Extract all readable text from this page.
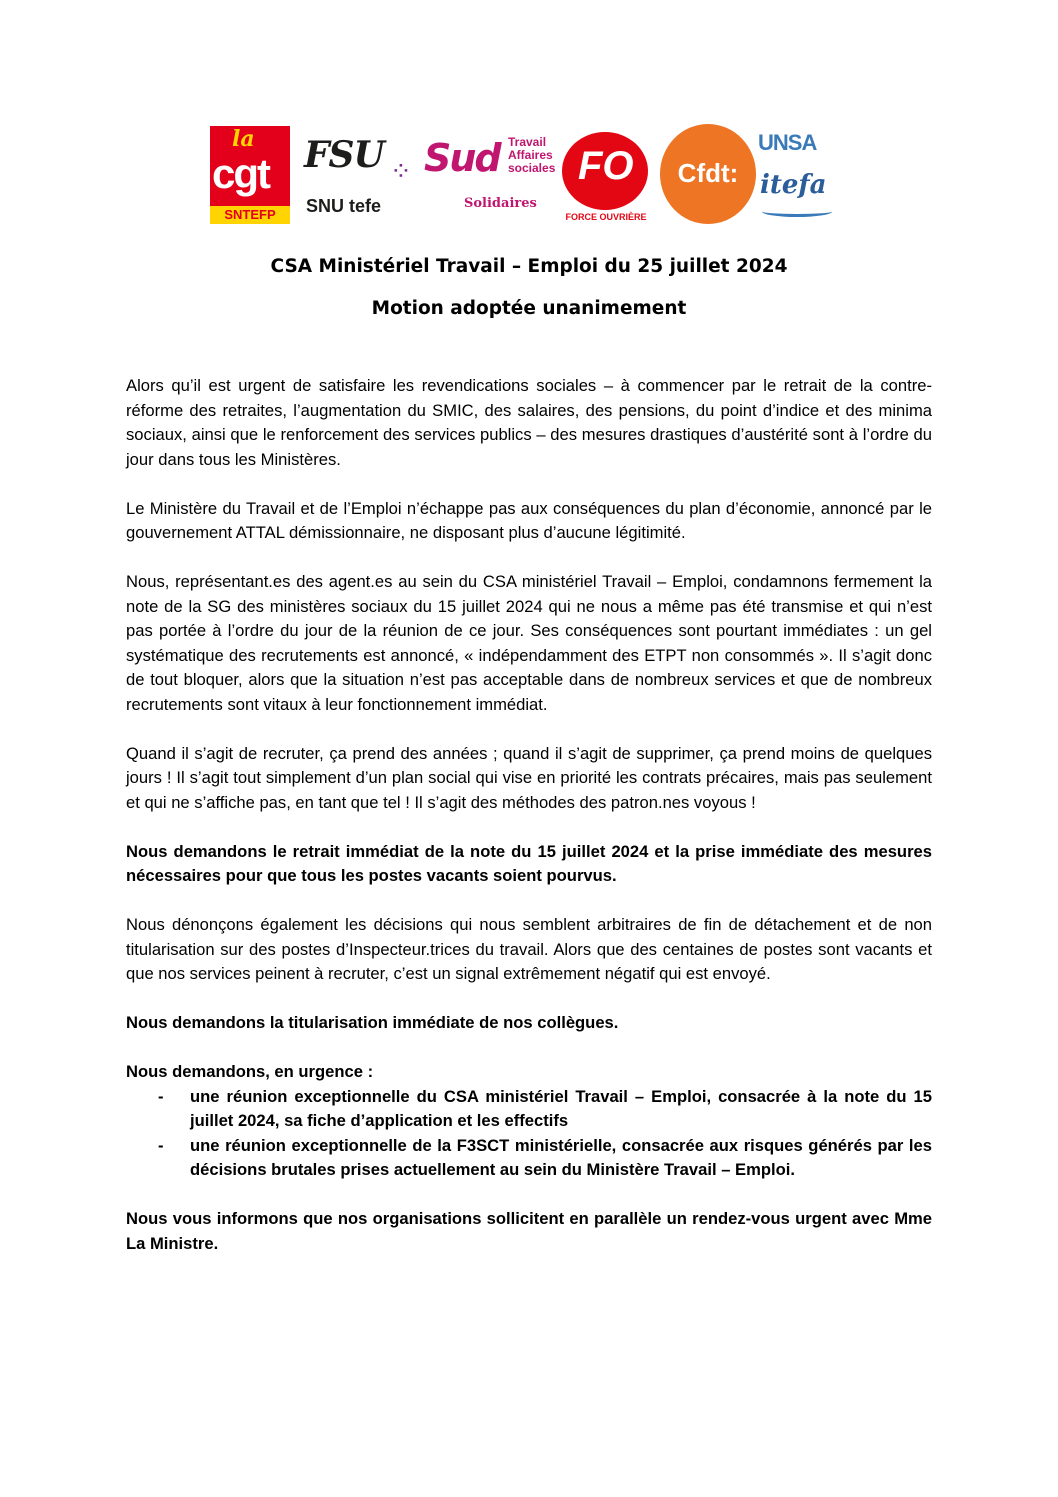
la
cgt
SNTEFP
FSU ⁘
SNU tefe
Sud Travail Affaires sociales
Solidaires
FO
FORCE OUVRIÈRE
Cfdt:
UNSA
itefa
CSA Ministériel Travail – Emploi du 25 juillet 2024
Motion adoptée unanimement

Alors qu’il est urgent de satisfaire les revendications sociales – à commencer par le retrait de la contre-réforme des retraites, l’augmentation du SMIC, des salaires, des pensions, du point d’indice et des minima sociaux, ainsi que le renforcement des services publics – des mesures drastiques d’austérité sont à l’ordre du jour dans tous les Ministères.

Le Ministère du Travail et de l’Emploi n’échappe pas aux conséquences du plan d’économie, annoncé par le gouvernement ATTAL démissionnaire, ne disposant plus d’aucune légitimité.

Nous, représentant.es des agent.es au sein du CSA ministériel Travail – Emploi, condamnons fermement la note de la SG des ministères sociaux du 15 juillet 2024 qui ne nous a même pas été transmise et qui n’est pas portée à l’ordre du jour de la réunion de ce jour. Ses conséquences sont pourtant immédiates : un gel systématique des recrutements est annoncé, « indépendamment des ETPT non consommés ». Il s’agit donc de tout bloquer, alors que la situation n’est pas acceptable dans de nombreux services et que de nombreux recrutements sont vitaux à leur fonctionnement immédiat.

Quand il s’agit de recruter, ça prend des années ; quand il s’agit de supprimer, ça prend moins de quelques jours ! Il s’agit tout simplement d’un plan social qui vise en priorité les contrats précaires, mais pas seulement et qui ne s’affiche pas, en tant que tel ! Il s’agit des méthodes des patron.nes voyous !

Nous demandons le retrait immédiat de la note du 15 juillet 2024 et la prise immédiate des mesures nécessaires pour que tous les postes vacants soient pourvus.

Nous dénonçons également les décisions qui nous semblent arbitraires de fin de détachement et de non titularisation sur des postes d’Inspecteur.trices du travail. Alors que des centaines de postes sont vacants et que nos services peinent à recruter, c’est un signal extrêmement négatif qui est envoyé.

Nous demandons la titularisation immédiate de nos collègues.

Nous demandons, en urgence :

- une réunion exceptionnelle du CSA ministériel Travail – Emploi, consacrée à la note du 15 juillet 2024, sa fiche d’application et les effectifs
- une réunion exceptionnelle de la F3SCT ministérielle, consacrée aux risques générés par les décisions brutales prises actuellement au sein du Ministère Travail – Emploi.

Nous vous informons que nos organisations sollicitent en parallèle un rendez-vous urgent avec Mme La Ministre.
